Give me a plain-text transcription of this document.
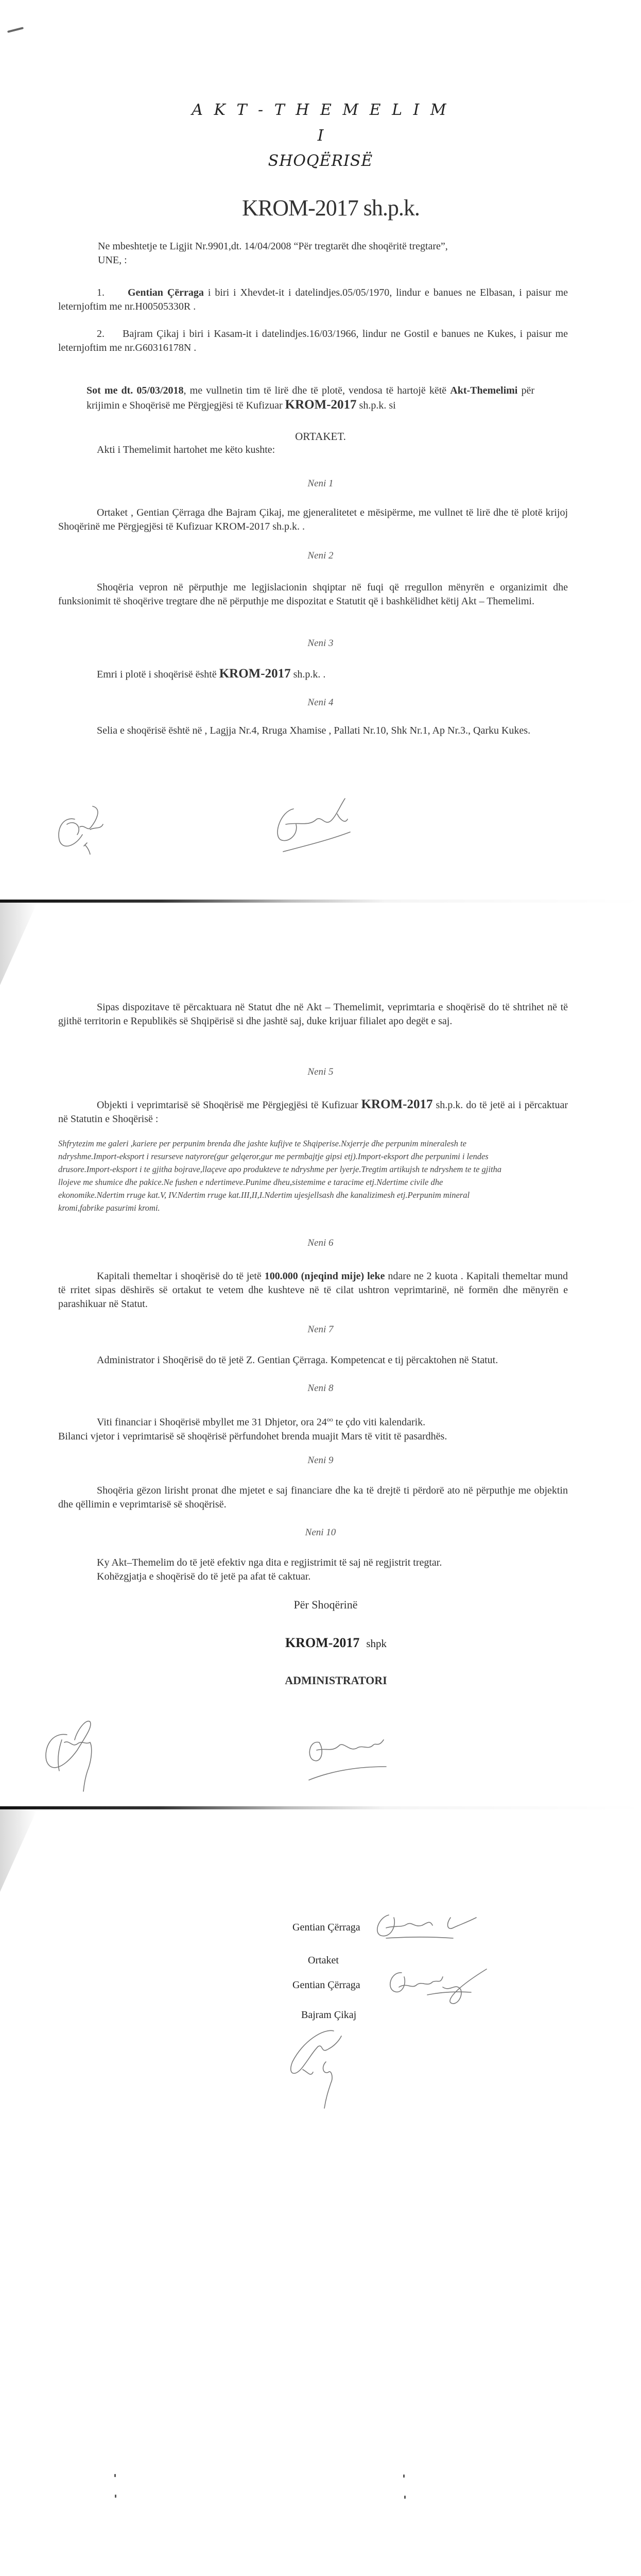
A K T - T H E M E L I M
I
SHOQËRISË
KROM-2017 sh.p.k.
Ne mbeshtetje te Ligjit Nr.9901,dt. 14/04/2008 “Për tregtarët dhe shoqëritë tregtare”,
UNE, :
1. Gentian Çërraga i biri i Xhevdet-it i datelindjes.05/05/1970, lindur e banues ne Elbasan, i paisur me leternjoftim me nr.H00505330R .
2. Bajram Çikaj i biri i Kasam-it i datelindjes.16/03/1966, lindur ne Gostil e banues ne Kukes, i paisur me leternjoftim me nr.G60316178N .
Sot me dt. 05/03/2018, me vullnetin tim të lirë dhe të plotë, vendosa të hartojë këtë Akt-Themelimi për krijimin e Shoqërisë me Përgjegjësi të Kufizuar KROM-2017 sh.p.k. si
ORTAKET.
Akti i Themelimit hartohet me këto kushte:
Neni 1
Ortaket , Gentian Çërraga dhe Bajram Çikaj, me gjeneralitetet e mësipërme, me vullnet të lirë dhe të plotë krijoj Shoqërinë me Përgjegjësi të Kufizuar KROM-2017 sh.p.k. .
Neni 2
Shoqëria vepron në përputhje me legjislacionin shqiptar në fuqi që rregullon mënyrën e organizimit dhe funksionimit të shoqërive tregtare dhe në përputhje me dispozitat e Statutit që i bashkëlidhet këtij Akt – Themelimi.
Neni 3
Emri i plotë i shoqërisë është KROM-2017 sh.p.k. .
Neni 4
Selia e shoqërisë është në , Lagjja Nr.4, Rruga Xhamise , Pallati Nr.10, Shk Nr.1, Ap Nr.3., Qarku Kukes.
Sipas dispozitave të përcaktuara në Statut dhe në Akt – Themelimit, veprimtaria e shoqërisë do të shtrihet në të gjithë territorin e Republikës së Shqipërisë si dhe jashtë saj, duke krijuar filialet apo degët e saj.
Neni 5
Objekti i veprimtarisë së Shoqërisë me Përgjegjësi të Kufizuar KROM-2017 sh.p.k. do të jetë ai i përcaktuar në Statutin e Shoqërisë :
Shfrytezim me galeri ,kariere per perpunim brenda dhe jashte kufijve te Shqiperise.Nxjerrje dhe perpunim mineralesh te ndryshme.Import-eksport i resurseve natyrore(gur gelqeror,gur me permbajtje gipsi etj).Import-eksport dhe perpunimi i lendes drusore.Import-eksport i te gjitha bojrave,llaçeve apo produkteve te ndryshme per lyerje.Tregtim artikujsh te ndryshem te te gjitha llojeve me shumice dhe pakice.Ne fushen e ndertimeve.Punime dheu,sistemime e taracime etj.Ndertime civile dhe ekonomike.Ndertim rruge kat.V, IV.Ndertim rruge kat.III,II,I.Ndertim ujesjellsash dhe kanalizimesh etj.Perpunim mineral kromi,fabrike pasurimi kromi.
Neni 6
Kapitali themeltar i shoqërisë do të jetë 100.000 (njeqind mije) leke ndare ne 2 kuota . Kapitali themeltar mund të rritet sipas dëshirës së ortakut te vetem dhe kushteve në të cilat ushtron veprimtarinë, në formën dhe mënyrën e parashikuar në Statut.
Neni 7
Administrator i Shoqërisë do të jetë Z. Gentian Çërraga. Kompetencat e tij përcaktohen në Statut.
Neni 8
Viti financiar i Shoqërisë mbyllet me 31 Dhjetor, ora $24^{oo}$ te çdo viti kalendarik.
Bilanci vjetor i veprimtarisë së shoqërisë përfundohet brenda muajit Mars të vitit të pasardhës.
Neni 9
Shoqëria gëzon lirisht pronat dhe mjetet e saj financiare dhe ka të drejtë ti përdorë ato në përputhje me objektin dhe qëllimin e veprimtarisë së shoqërisë.
Neni 10
Ky Akt–Themelim do të jetë efektiv nga dita e regjistrimit të saj në regjistrit tregtar.
Kohëzgjatja e shoqërisë do të jetë pa afat të caktuar.
Për Shoqërinë
KROM-2017 shpk
ADMINISTRATORI
Gentian Çërraga
Ortaket
Gentian Çërraga
Bajram Çikaj
